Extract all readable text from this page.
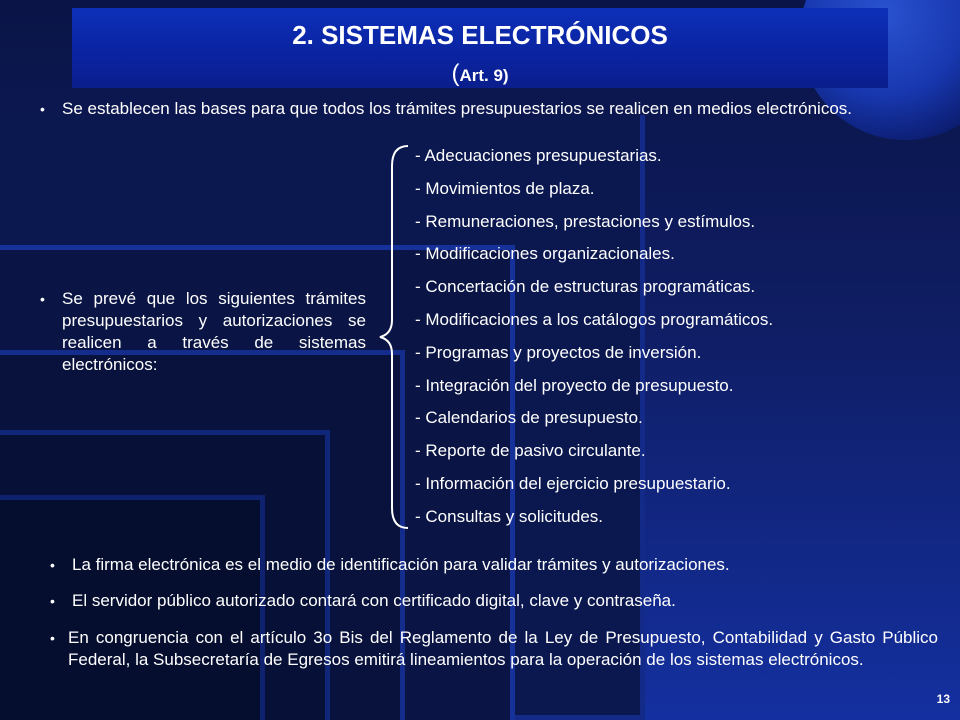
2. SISTEMAS ELECTRÓNICOS
(Art. 9)
•	Se establecen las bases para que todos los trámites presupuestarios se realicen en medios electrónicos.
•	Se prevé que los siguientes trámites presupuestarios y autorizaciones se realicen a través de sistemas electrónicos:
- Adecuaciones presupuestarias.
- Movimientos de plaza.
- Remuneraciones, prestaciones y estímulos.
- Modificaciones organizacionales.
- Concertación de estructuras programáticas.
- Modificaciones a los catálogos programáticos.
- Programas y proyectos de inversión.
- Integración del proyecto de presupuesto.
- Calendarios de presupuesto.
- Reporte de pasivo circulante.
- Información del ejercicio presupuestario.
- Consultas y solicitudes.
•	La firma electrónica es el medio de identificación para validar trámites y autorizaciones.
•	El servidor público autorizado contará con certificado digital, clave y contraseña.
• En congruencia con el artículo 3o Bis del Reglamento de la Ley de Presupuesto, Contabilidad y Gasto Público Federal, la Subsecretaría de Egresos emitirá lineamientos para la operación de los sistemas electrónicos.
13
